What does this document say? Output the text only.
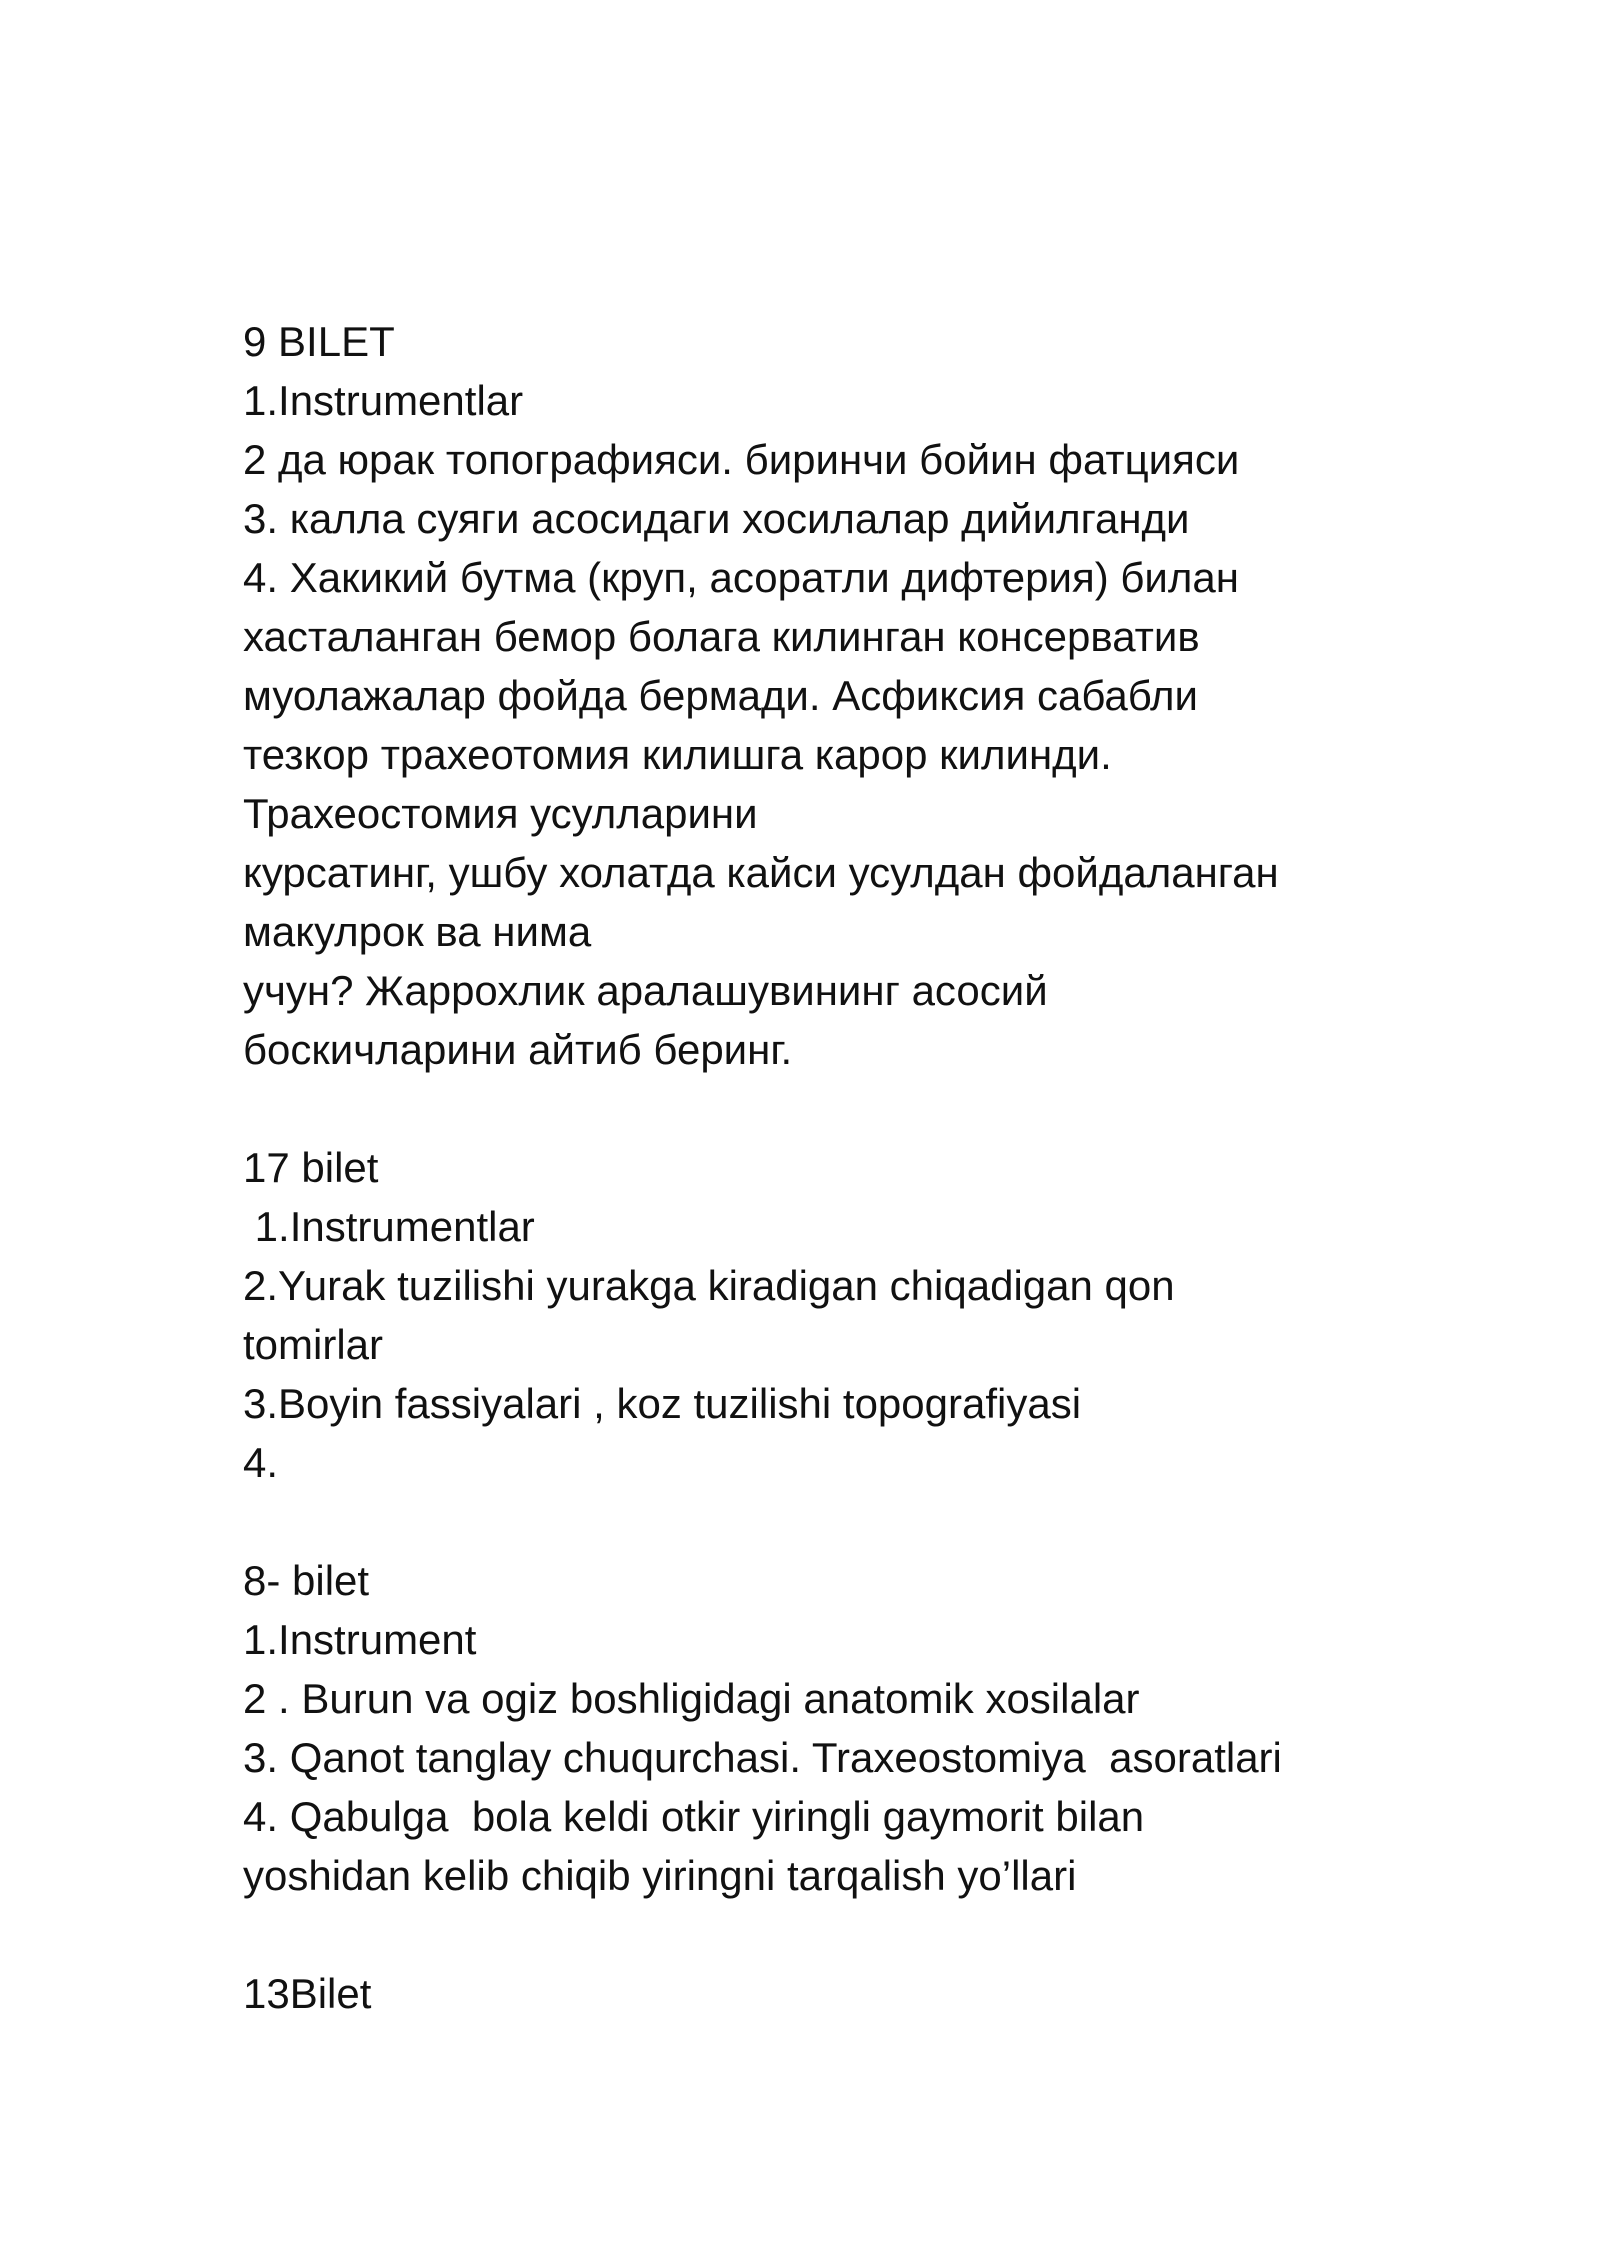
9 BILET

1.Instrumentlar

2 да юрак топографияси. биринчи бойин фатцияси

3. калла суяги асосидаги хосилалар дийилганди

4. Хакикий бутма (круп, асоратли дифтерия) билан

хасталанган бемор болага килинган консерватив

муолажалар фойда бермади. Асфиксия сабабли

тезкор трахеотомия килишга карор килинди.

Трахеостомия усулларини

курсатинг, ушбу холатда кайси усулдан фойдаланган

макулрок ва нима

учун? Жаррохлик аралашувининг асосий

боскичларини айтиб беринг.

17 bilet

1.Instrumentlar

2.Yurak tuzilishi yurakga kiradigan chiqadigan qon

tomirlar

3.Boyin fassiyalari , koz tuzilishi topografiyasi

4.

8- bilet

1.Instrument

2 . Burun va ogiz boshligidagi anatomik xosilalar

3. Qanot tanglay chuqurchasi. Traxeostomiya  asoratlari

4. Qabulga  bola keldi otkir yiringli gaymorit bilan

yoshidan kelib chiqib yiringni tarqalish yo’llari

13Bilet
